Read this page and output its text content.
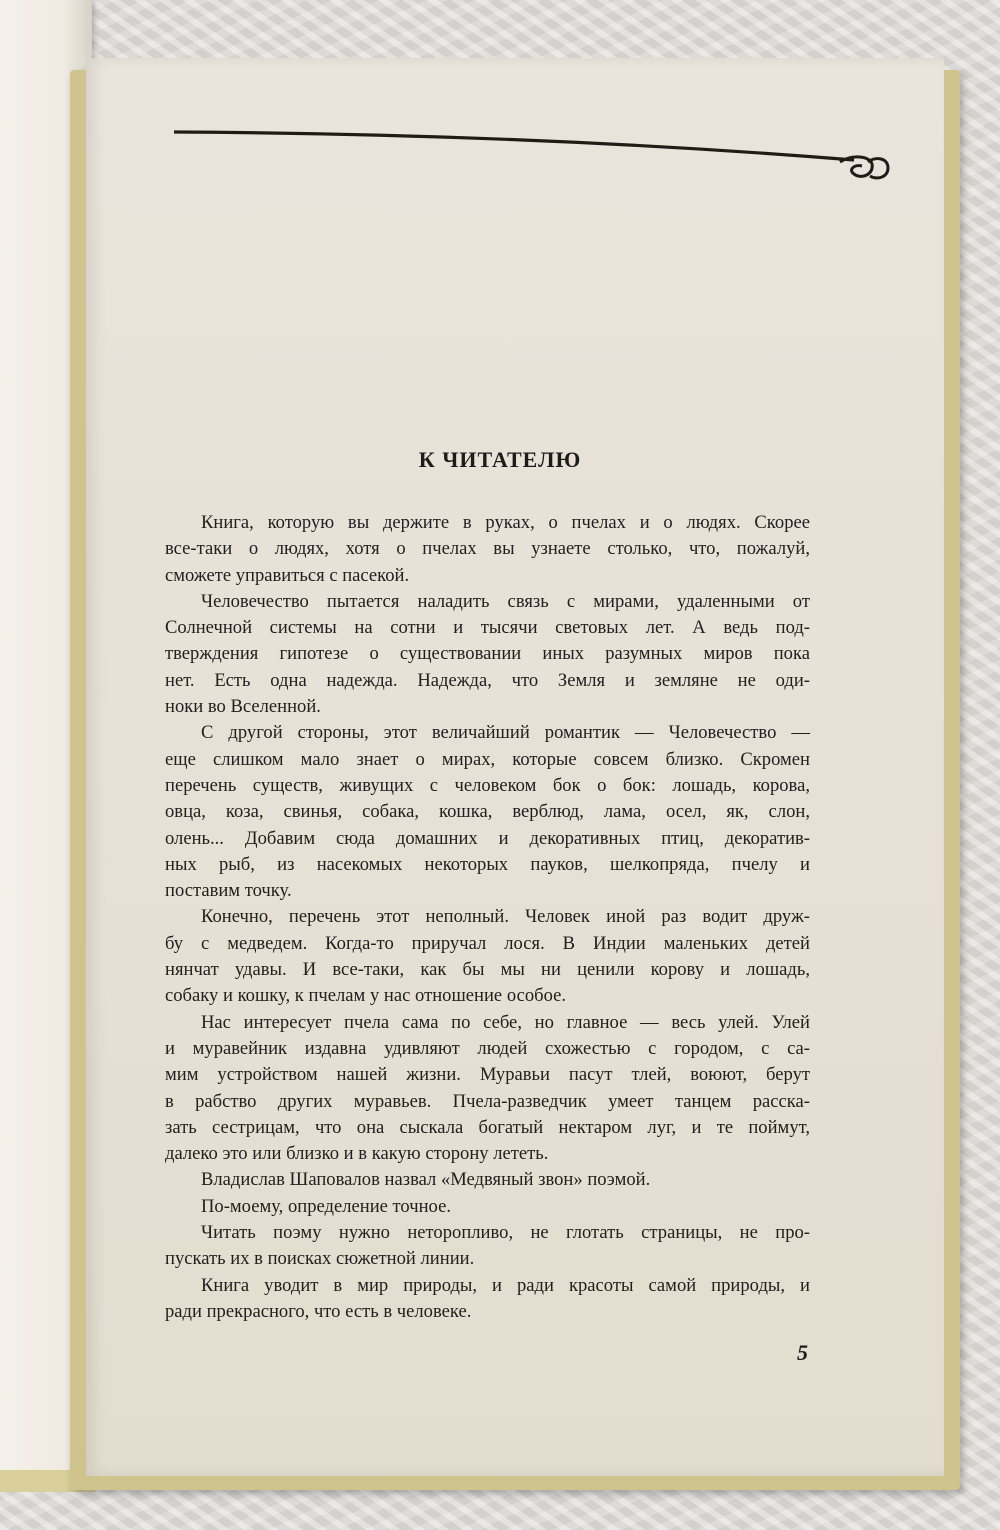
К ЧИТАТЕЛЮ
Книга, которую вы держите в руках, о пчелах и о людях. Скорее
все-таки о людях, хотя о пчелах вы узнаете столько, что, пожалуй,
сможете управиться с пасекой.
Человечество пытается наладить связь с мирами, удаленными от
Солнечной системы на сотни и тысячи световых лет. А ведь под-
тверждения гипотезе о существовании иных разумных миров пока
нет. Есть одна надежда. Надежда, что Земля и земляне не оди-
ноки во Вселенной.
С другой стороны, этот величайший романтик — Человечество —
еще слишком мало знает о мирах, которые совсем близко. Скромен
перечень существ, живущих с человеком бок о бок: лошадь, корова,
овца, коза, свинья, собака, кошка, верблюд, лама, осел, як, слон,
олень... Добавим сюда домашних и декоративных птиц, декоратив-
ных рыб, из насекомых некоторых пауков, шелкопряда, пчелу и
поставим точку.
Конечно, перечень этот неполный. Человек иной раз водит друж-
бу с медведем. Когда-то приручал лося. В Индии маленьких детей
нянчат удавы. И все-таки, как бы мы ни ценили корову и лошадь,
собаку и кошку, к пчелам у нас отношение особое.
Нас интересует пчела сама по себе, но главное — весь улей. Улей
и муравейник издавна удивляют людей схожестью с городом, с са-
мим устройством нашей жизни. Муравьи пасут тлей, воюют, берут
в рабство других муравьев. Пчела-разведчик умеет танцем расска-
зать сестрицам, что она сыскала богатый нектаром луг, и те поймут,
далеко это или близко и в какую сторону лететь.
Владислав Шаповалов назвал «Медвяный звон» поэмой.
По-моему, определение точное.
Читать поэму нужно неторопливо, не глотать страницы, не про-
пускать их в поисках сюжетной линии.
Книга уводит в мир природы, и ради красоты самой природы, и
ради прекрасного, что есть в человеке.
5
